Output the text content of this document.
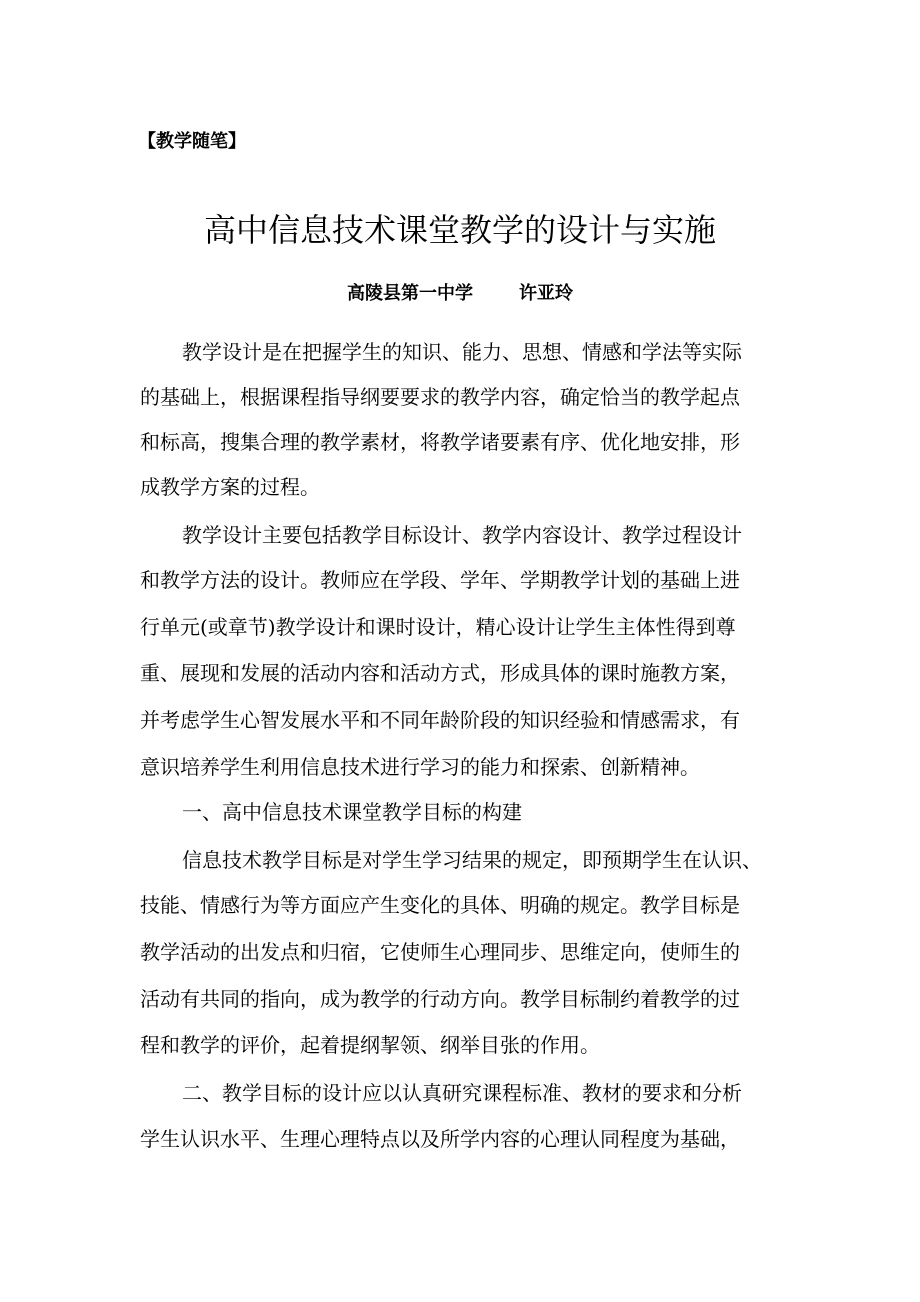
【教学随笔】
高中信息技术课堂教学的设计与实施
高陵县第一中学	许亚玲
教学设计是在把握学生的知识、能力、思想、情感和学法等实际
的基础上，根据课程指导纲要要求的教学内容，确定恰当的教学起点
和标高，搜集合理的教学素材，将教学诸要素有序、优化地安排，形
成教学方案的过程。
教学设计主要包括教学目标设计、教学内容设计、教学过程设计
和教学方法的设计。教师应在学段、学年、学期教学计划的基础上进
行单元(或章节)教学设计和课时设计，精心设计让学生主体性得到尊
重、展现和发展的活动内容和活动方式，形成具体的课时施教方案，
并考虑学生心智发展水平和不同年龄阶段的知识经验和情感需求，有
意识培养学生利用信息技术进行学习的能力和探索、创新精神。
一、高中信息技术课堂教学目标的构建
信息技术教学目标是对学生学习结果的规定，即预期学生在认识、
技能、情感行为等方面应产生变化的具体、明确的规定。教学目标是
教学活动的出发点和归宿，它使师生心理同步、思维定向，使师生的
活动有共同的指向，成为教学的行动方向。教学目标制约着教学的过
程和教学的评价，起着提纲挈领、纲举目张的作用。
二、教学目标的设计应以认真研究课程标准、教材的要求和分析
学生认识水平、生理心理特点以及所学内容的心理认同程度为基础，
